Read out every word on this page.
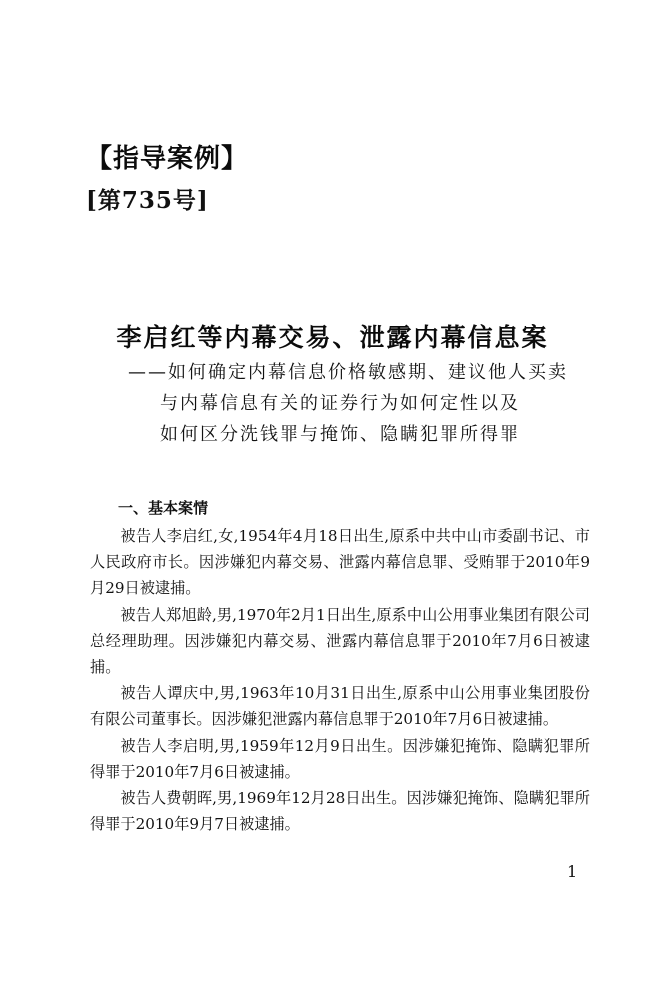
【指导案例】
[第735号]
李启红等内幕交易、泄露内幕信息案
——如何确定内幕信息价格敏感期、建议他人买卖
与内幕信息有关的证券行为如何定性以及
如何区分洗钱罪与掩饰、隐瞒犯罪所得罪
一、基本案情

被告人李启红,女,1954年4月18日出生,原系中共中山市委副书记、市人民政府市长。因涉嫌犯内幕交易、泄露内幕信息罪、受贿罪于2010年9月29日被逮捕。

被告人郑旭龄,男,1970年2月1日出生,原系中山公用事业集团有限公司总经理助理。因涉嫌犯内幕交易、泄露内幕信息罪于2010年7月6日被逮捕。

被告人谭庆中,男,1963年10月31日出生,原系中山公用事业集团股份有限公司董事长。因涉嫌犯泄露内幕信息罪于2010年7月6日被逮捕。

被告人李启明,男,1959年12月9日出生。因涉嫌犯掩饰、隐瞒犯罪所得罪于2010年7月6日被逮捕。

被告人费朝晖,男,1969年12月28日出生。因涉嫌犯掩饰、隐瞒犯罪所得罪于2010年9月7日被逮捕。

1
